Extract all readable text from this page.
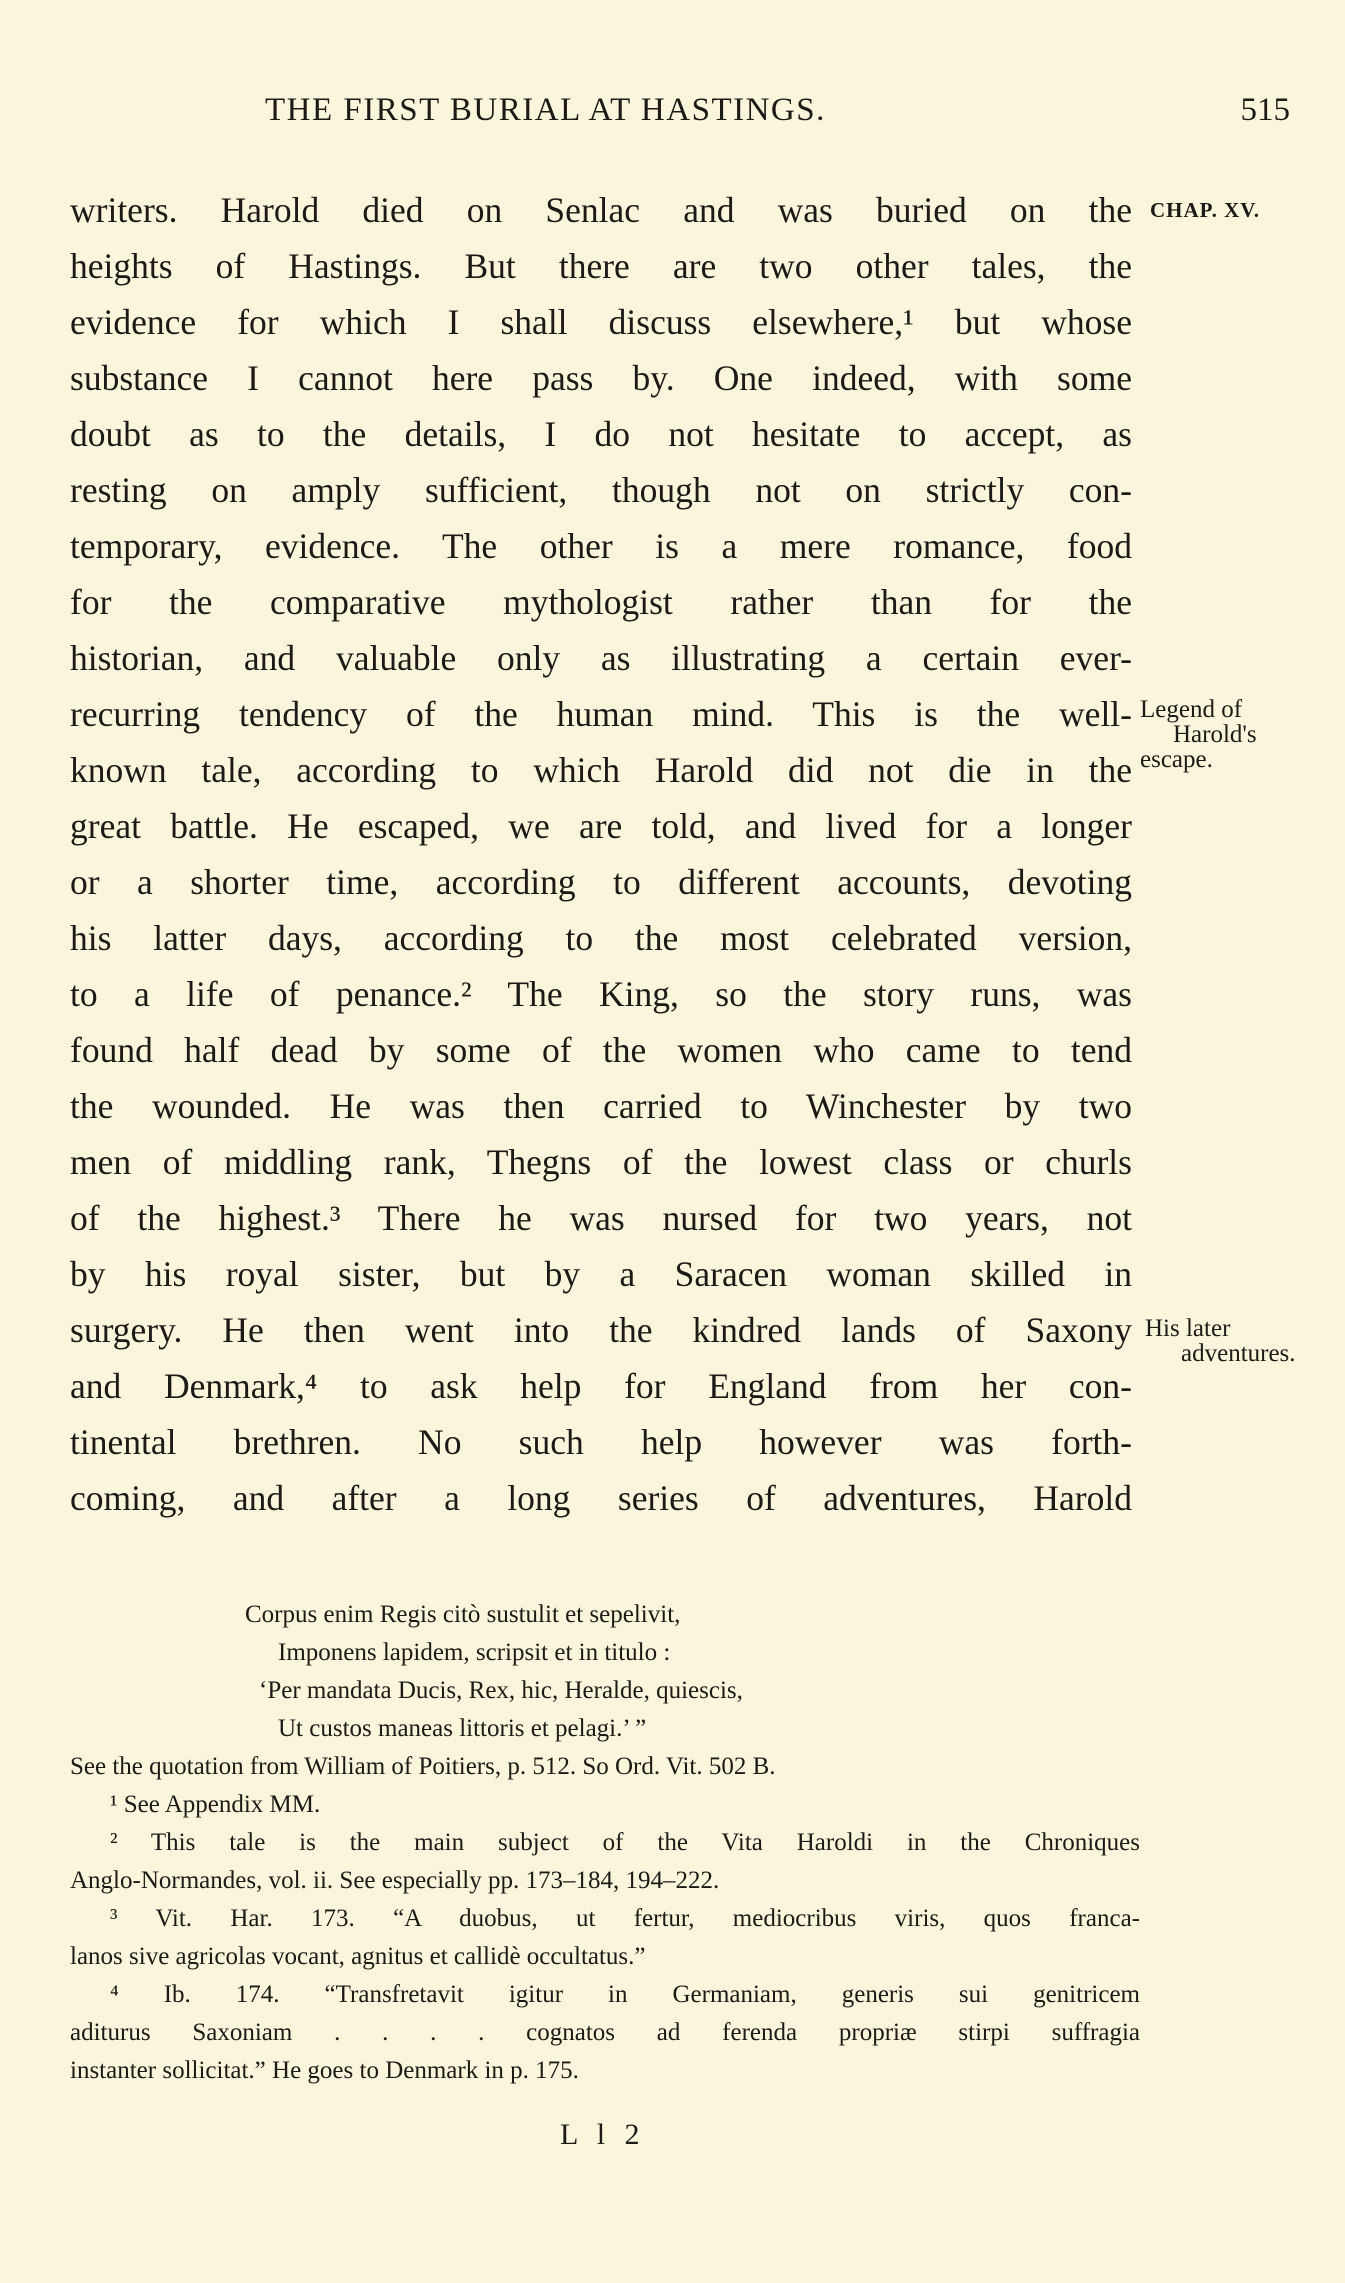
THE FIRST BURIAL AT HASTINGS.	515
CHAP. XV.
Legend of
Harold's
escape.
His later
adventures.
writers. Harold died on Senlac and was buried on the
heights of Hastings. But there are two other tales, the
evidence for which I shall discuss elsewhere,¹ but whose
substance I cannot here pass by. One indeed, with some
doubt as to the details, I do not hesitate to accept, as
resting on amply sufficient, though not on strictly con-
temporary, evidence. The other is a mere romance, food
for the comparative mythologist rather than for the
historian, and valuable only as illustrating a certain ever-
recurring tendency of the human mind. This is the well-
known tale, according to which Harold did not die in the
great battle. He escaped, we are told, and lived for a longer
or a shorter time, according to different accounts, devoting
his latter days, according to the most celebrated version,
to a life of penance.² The King, so the story runs, was
found half dead by some of the women who came to tend
the wounded. He was then carried to Winchester by two
men of middling rank, Thegns of the lowest class or churls
of the highest.³ There he was nursed for two years, not
by his royal sister, but by a Saracen woman skilled in
surgery. He then went into the kindred lands of Saxony
and Denmark,⁴ to ask help for England from her con-
tinental brethren. No such help however was forth-
coming, and after a long series of adventures, Harold
Corpus enim Regis citò sustulit et sepelivit,
Imponens lapidem, scripsit et in titulo :
‘Per mandata Ducis, Rex, hic, Heralde, quiescis,
Ut custos maneas littoris et pelagi.’ ”
See the quotation from William of Poitiers, p. 512. So Ord. Vit. 502 B.
¹ See Appendix MM.
² This tale is the main subject of the Vita Haroldi in the Chroniques
Anglo-Normandes, vol. ii. See especially pp. 173–184, 194–222.
³ Vit. Har. 173. “A duobus, ut fertur, mediocribus viris, quos franca-
lanos sive agricolas vocant, agnitus et callidè occultatus.”
⁴ Ib. 174. “Transfretavit igitur in Germaniam, generis sui genitricem
aditurus Saxoniam . . . . cognatos ad ferenda propriæ stirpi suffragia
instanter sollicitat.” He goes to Denmark in p. 175.
L l 2
